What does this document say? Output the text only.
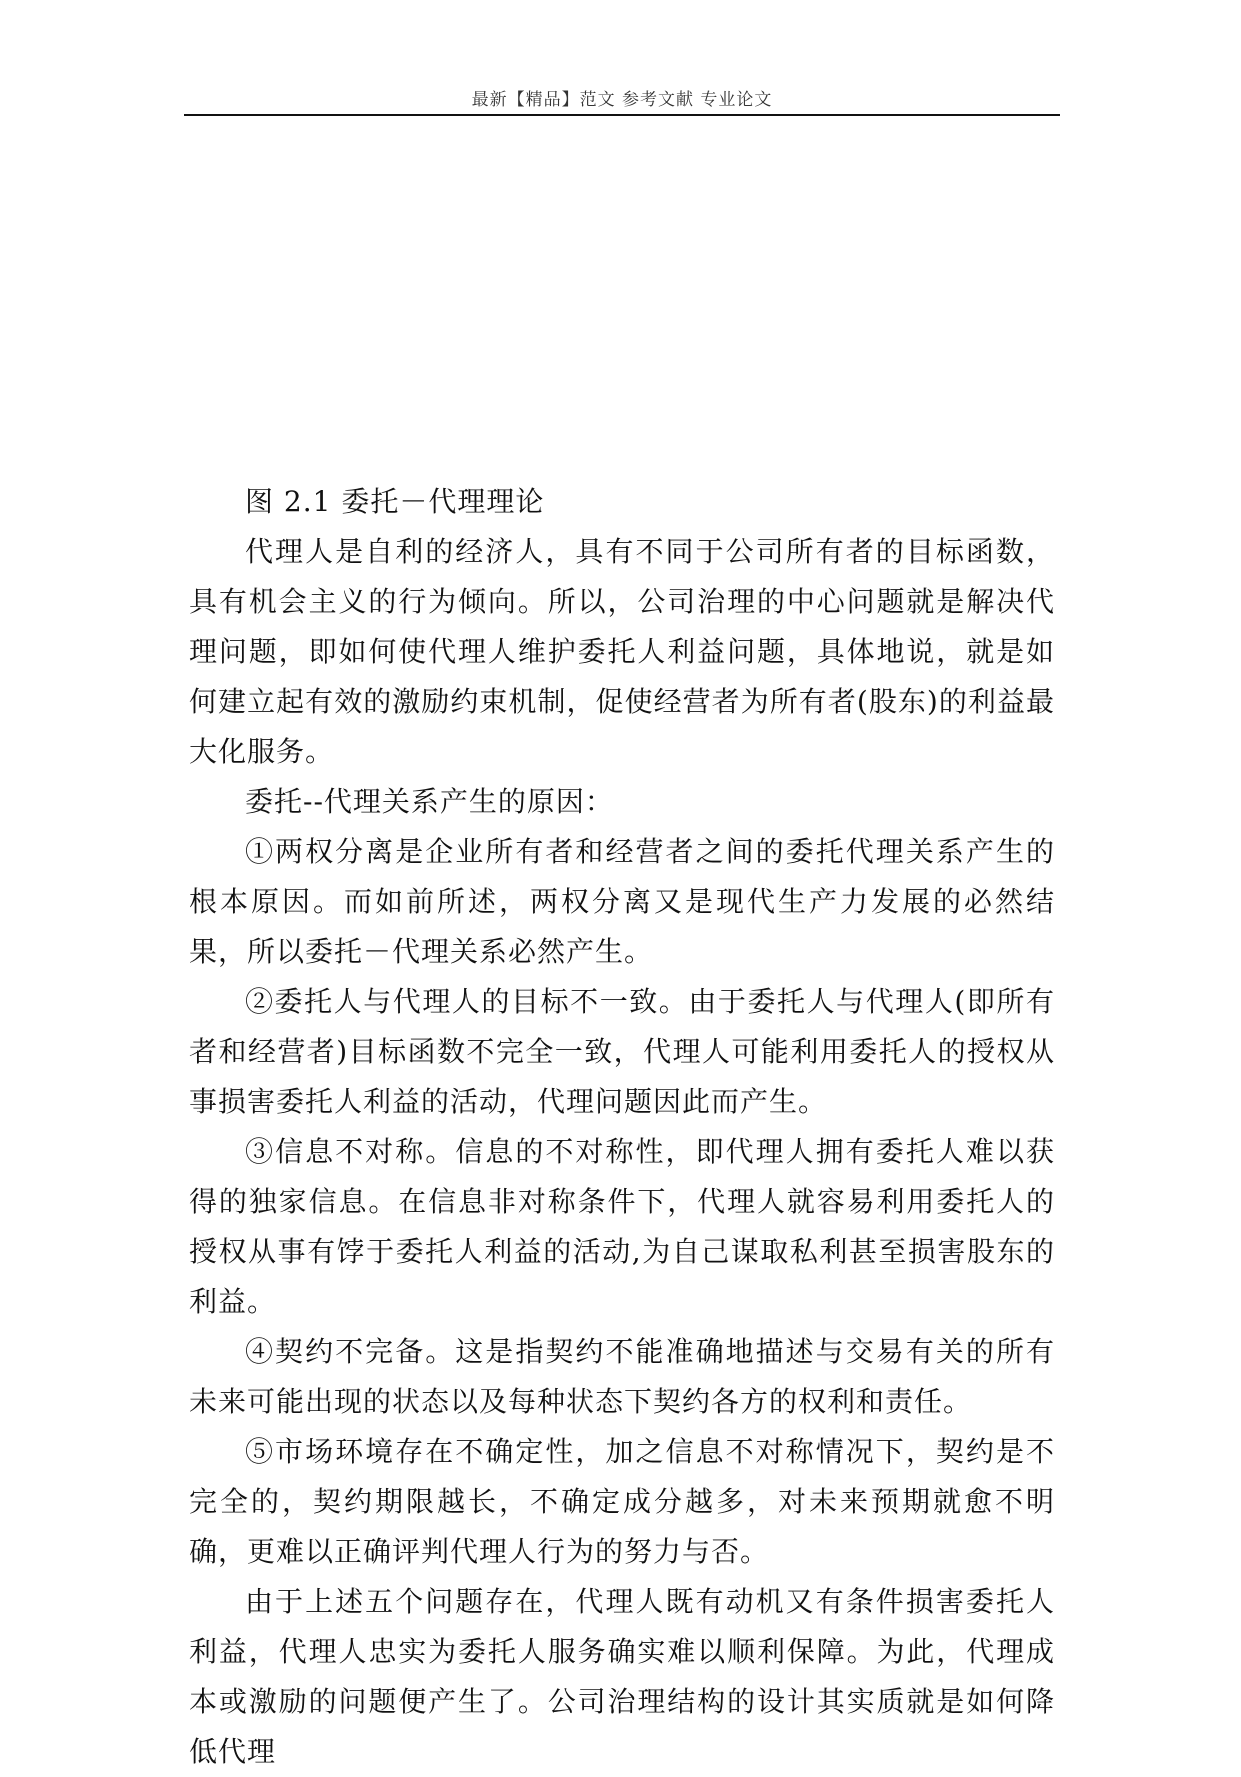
最新【精品】范文 参考文献 专业论文

图 2.1 委托－代理理论

代理人是自利的经济人，具有不同于公司所有者的目标函数，具有机会主义的行为倾向。所以，公司治理的中心问题就是解决代理问题，即如何使代理人维护委托人利益问题，具体地说，就是如何建立起有效的激励约束机制，促使经营者为所有者(股东)的利益最大化服务。

委托--代理关系产生的原因：

①两权分离是企业所有者和经营者之间的委托代理关系产生的根本原因。而如前所述，两权分离又是现代生产力发展的必然结果，所以委托－代理关系必然产生。

②委托人与代理人的目标不一致。由于委托人与代理人(即所有者和经营者)目标函数不完全一致，代理人可能利用委托人的授权从事损害委托人利益的活动，代理问题因此而产生。

③信息不对称。信息的不对称性，即代理人拥有委托人难以获得的独家信息。在信息非对称条件下，代理人就容易利用委托人的授权从事有饽于委托人利益的活动,为自己谋取私利甚至损害股东的利益。

④契约不完备。这是指契约不能准确地描述与交易有关的所有未来可能出现的状态以及每种状态下契约各方的权利和责任。

⑤市场环境存在不确定性，加之信息不对称情况下，契约是不完全的，契约期限越长，不确定成分越多，对未来预期就愈不明确，更难以正确评判代理人行为的努力与否。

由于上述五个问题存在，代理人既有动机又有条件损害委托人利益，代理人忠实为委托人服务确实难以顺利保障。为此，代理成本或激励的问题便产生了。公司治理结构的设计其实质就是如何降低代理
